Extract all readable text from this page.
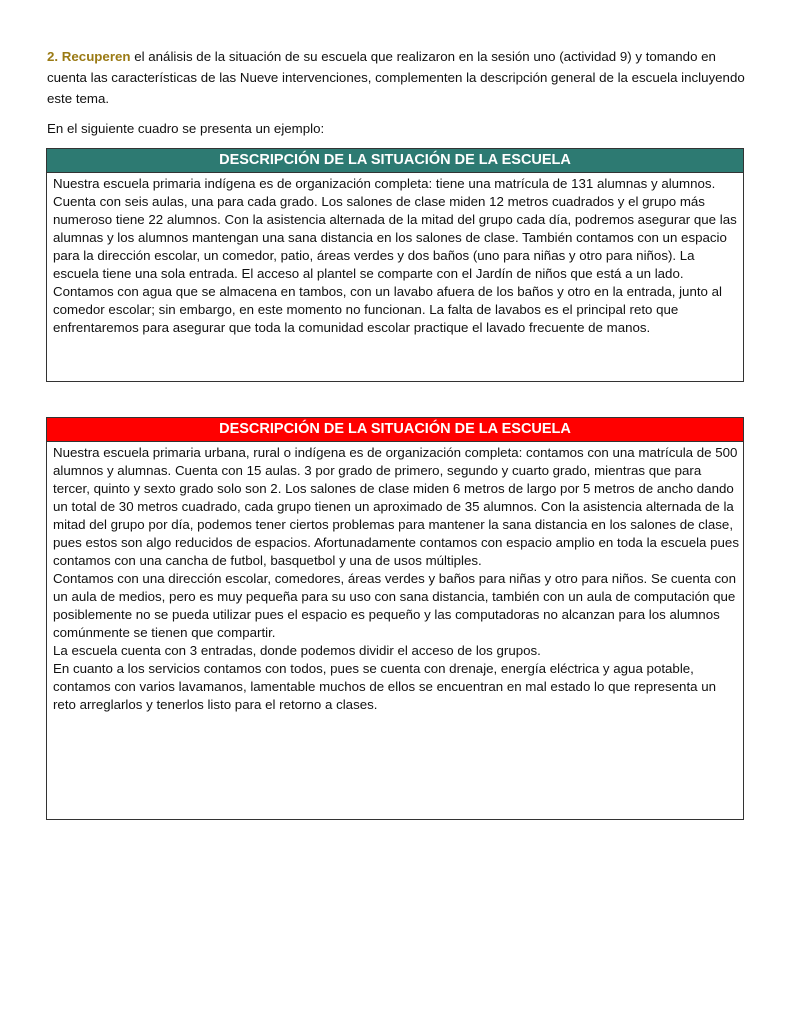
2. Recuperen el análisis de la situación de su escuela que realizaron en la sesión uno (actividad 9) y tomando en cuenta las características de las Nueve intervenciones, complementen la descripción general de la escuela incluyendo este tema.

En el siguiente cuadro se presenta un ejemplo:

DESCRIPCIÓN DE LA SITUACIÓN DE LA ESCUELA

Nuestra escuela primaria indígena es de organización completa: tiene una matrícula de 131 alumnas y alumnos. Cuenta con seis aulas, una para cada grado. Los salones de clase miden 12 metros cuadrados y el grupo más numeroso tiene 22 alumnos. Con la asistencia alternada de la mitad del grupo cada día, podremos asegurar que las alumnas y los alumnos mantengan una sana distancia en los salones de clase. También contamos con un espacio para la dirección escolar, un comedor, patio, áreas verdes y dos baños (uno para niñas y otro para niños). La escuela tiene una sola entrada. El acceso al plantel se comparte con el Jardín de niños que está a un lado.

Contamos con agua que se almacena en tambos, con un lavabo afuera de los baños y otro en la entrada, junto al comedor escolar; sin embargo, en este momento no funcionan. La falta de lavabos es el principal reto que enfrentaremos para asegurar que toda la comunidad escolar practique el lavado frecuente de manos.

DESCRIPCIÓN DE LA SITUACIÓN DE LA ESCUELA

Nuestra escuela primaria urbana, rural o indígena es de organización completa: contamos con una matrícula de 500 alumnos y alumnas. Cuenta con 15 aulas. 3 por grado de primero, segundo y cuarto grado, mientras que para tercer, quinto y sexto grado solo son 2. Los salones de clase miden 6 metros de largo por 5 metros de ancho dando un total de 30 metros cuadrado, cada grupo tienen un aproximado de 35 alumnos. Con la asistencia alternada de la mitad del grupo por día, podemos tener ciertos problemas para mantener la sana distancia en los salones de clase, pues estos son algo reducidos de espacios. Afortunadamente contamos con espacio amplio en toda la escuela pues contamos con una cancha de futbol, basquetbol y una de usos múltiples.

Contamos con una dirección escolar, comedores, áreas verdes y baños para niñas y otro para niños. Se cuenta con un aula de medios, pero es muy pequeña para su uso con sana distancia, también con un aula de computación que posiblemente no se pueda utilizar pues el espacio es pequeño y las computadoras no alcanzan para los alumnos comúnmente se tienen que compartir.

La escuela cuenta con 3 entradas, donde podemos dividir el acceso de los grupos.

En cuanto a los servicios contamos con todos, pues se cuenta con drenaje, energía eléctrica y agua potable, contamos con varios lavamanos, lamentable muchos de ellos se encuentran en mal estado lo que representa un reto arreglarlos y tenerlos listo para el retorno a clases.
